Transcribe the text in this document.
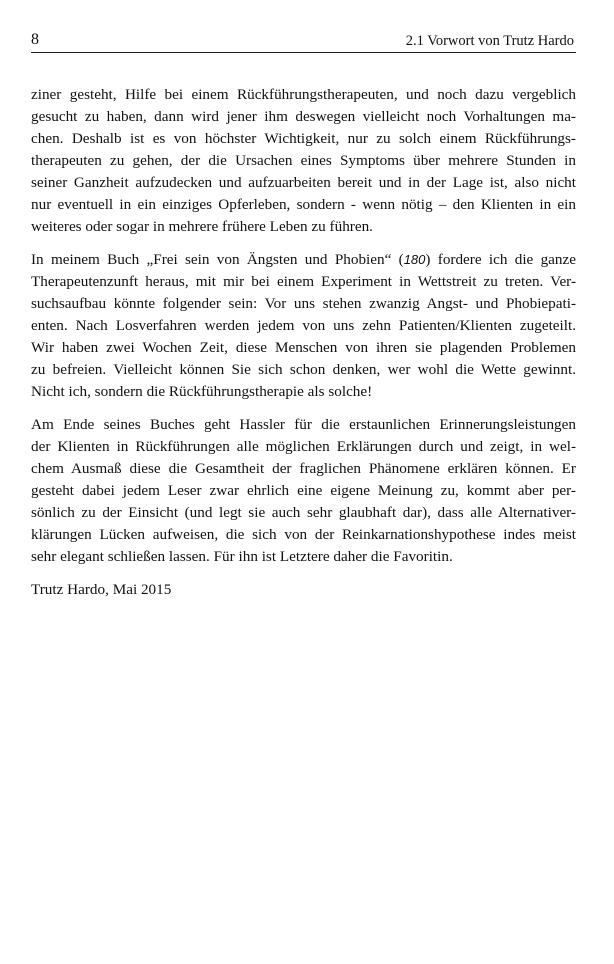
8	2.1 Vorwort von Trutz Hardo
ziner gesteht, Hilfe bei einem Rückführungstherapeuten, und noch dazu vergeblich
gesucht zu haben, dann wird jener ihm deswegen vielleicht noch Vorhaltungen ma-
chen. Deshalb ist es von höchster Wichtigkeit, nur zu solch einem Rückführungs-
therapeuten zu gehen, der die Ursachen eines Symptoms über mehrere Stunden in
seiner Ganzheit aufzudecken und aufzuarbeiten bereit und in der Lage ist, also nicht
nur eventuell in ein einziges Opferleben, sondern - wenn nötig – den Klienten in ein
weiteres oder sogar in mehrere frühere Leben zu führen.
In meinem Buch „Frei sein von Ängsten und Phobien“ (180) fordere ich die ganze
Therapeutenzunft heraus, mit mir bei einem Experiment in Wettstreit zu treten. Ver-
suchsaufbau könnte folgender sein: Vor uns stehen zwanzig Angst- und Phobiepati-
enten. Nach Losverfahren werden jedem von uns zehn Patienten/Klienten zugeteilt.
Wir haben zwei Wochen Zeit, diese Menschen von ihren sie plagenden Problemen
zu befreien. Vielleicht können Sie sich schon denken, wer wohl die Wette gewinnt.
Nicht ich, sondern die Rückführungstherapie als solche!
Am Ende seines Buches geht Hassler für die erstaunlichen Erinnerungsleistungen
der Klienten in Rückführungen alle möglichen Erklärungen durch und zeigt, in wel-
chem Ausmaß diese die Gesamtheit der fraglichen Phänomene erklären können. Er
gesteht dabei jedem Leser zwar ehrlich eine eigene Meinung zu, kommt aber per-
sönlich zu der Einsicht (und legt sie auch sehr glaubhaft dar), dass alle Alternativer-
klärungen Lücken aufweisen, die sich von der Reinkarnationshypothese indes meist
sehr elegant schließen lassen. Für ihn ist Letztere daher die Favoritin.
Trutz Hardo, Mai 2015
